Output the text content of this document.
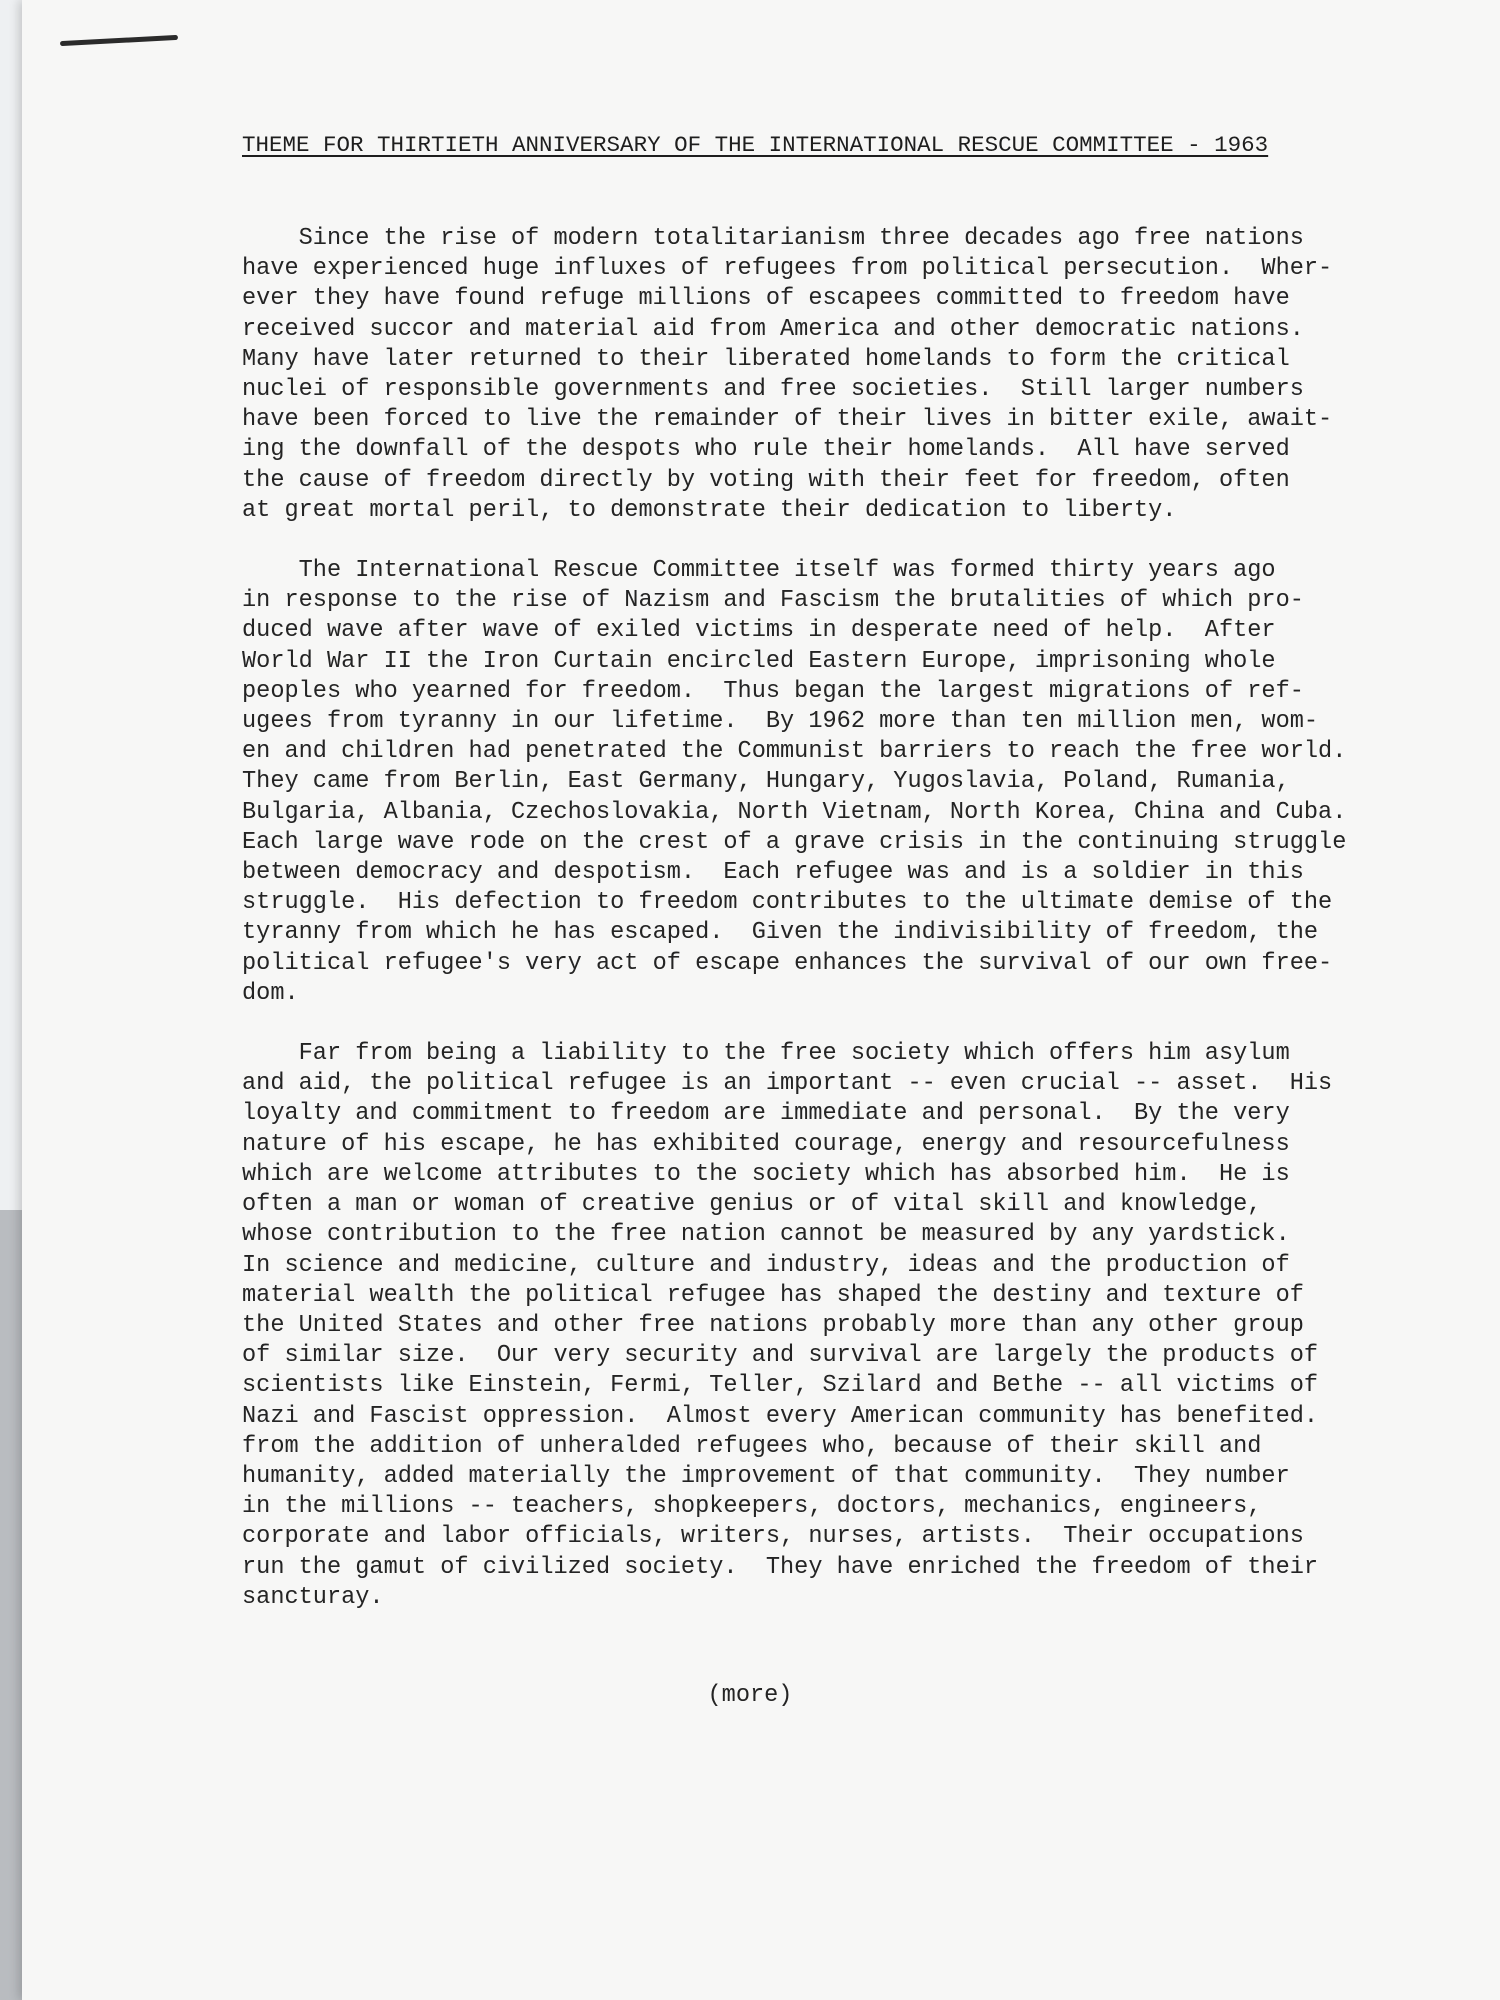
THEME FOR THIRTIETH ANNIVERSARY OF THE INTERNATIONAL RESCUE COMMITTEE - 1963
Since the rise of modern totalitarianism three decades ago free nations
have experienced huge influxes of refugees from political persecution.  Wher-
ever they have found refuge millions of escapees committed to freedom have
received succor and material aid from America and other democratic nations.
Many have later returned to their liberated homelands to form the critical
nuclei of responsible governments and free societies.  Still larger numbers
have been forced to live the remainder of their lives in bitter exile, await-
ing the downfall of the despots who rule their homelands.  All have served
the cause of freedom directly by voting with their feet for freedom, often
at great mortal peril, to demonstrate their dedication to liberty.
The International Rescue Committee itself was formed thirty years ago
in response to the rise of Nazism and Fascism the brutalities of which pro-
duced wave after wave of exiled victims in desperate need of help.  After
World War II the Iron Curtain encircled Eastern Europe, imprisoning whole
peoples who yearned for freedom.  Thus began the largest migrations of ref-
ugees from tyranny in our lifetime.  By 1962 more than ten million men, wom-
en and children had penetrated the Communist barriers to reach the free world.
They came from Berlin, East Germany, Hungary, Yugoslavia, Poland, Rumania,
Bulgaria, Albania, Czechoslovakia, North Vietnam, North Korea, China and Cuba.
Each large wave rode on the crest of a grave crisis in the continuing struggle
between democracy and despotism.  Each refugee was and is a soldier in this
struggle.  His defection to freedom contributes to the ultimate demise of the
tyranny from which he has escaped.  Given the indivisibility of freedom, the
political refugee's very act of escape enhances the survival of our own free-
dom.
Far from being a liability to the free society which offers him asylum
and aid, the political refugee is an important -- even crucial -- asset.  His
loyalty and commitment to freedom are immediate and personal.  By the very
nature of his escape, he has exhibited courage, energy and resourcefulness
which are welcome attributes to the society which has absorbed him.  He is
often a man or woman of creative genius or of vital skill and knowledge,
whose contribution to the free nation cannot be measured by any yardstick.
In science and medicine, culture and industry, ideas and the production of
material wealth the political refugee has shaped the destiny and texture of
the United States and other free nations probably more than any other group
of similar size.  Our very security and survival are largely the products of
scientists like Einstein, Fermi, Teller, Szilard and Bethe -- all victims of
Nazi and Fascist oppression.  Almost every American community has benefited.
from the addition of unheralded refugees who, because of their skill and
humanity, added materially the improvement of that community.  They number
in the millions -- teachers, shopkeepers, doctors, mechanics, engineers,
corporate and labor officials, writers, nurses, artists.  Their occupations
run the gamut of civilized society.  They have enriched the freedom of their
sancturay.
(more)
